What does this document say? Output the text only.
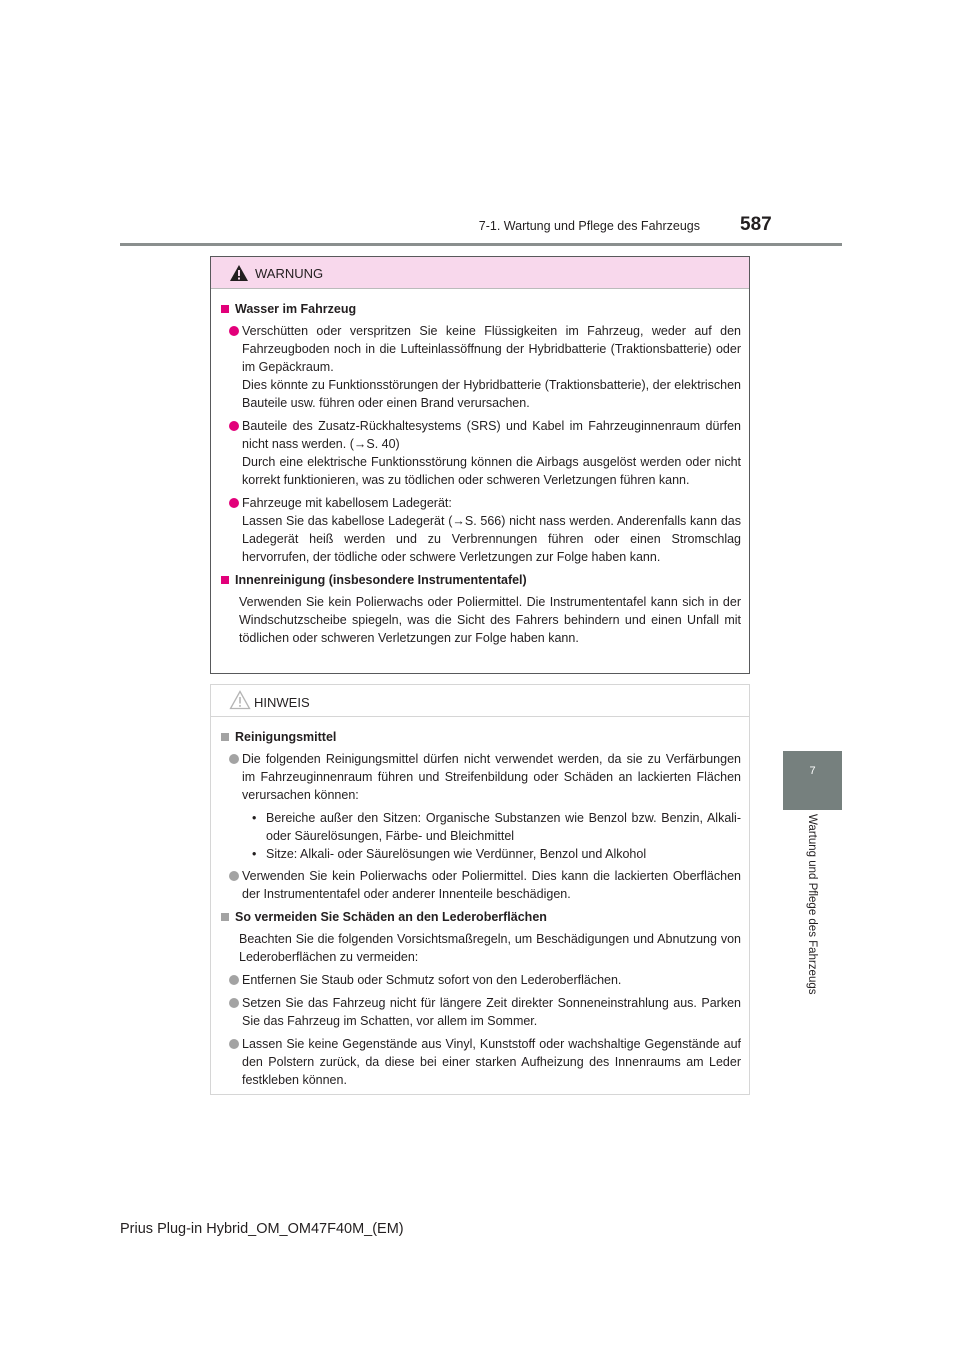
7-1. Wartung und Pflege des Fahrzeugs 587
7
Wartung und Pflege des Fahrzeugs
WARNUNG
Wasser im Fahrzeug

Verschütten oder verspritzen Sie keine Flüssigkeiten im Fahrzeug, weder auf den Fahrzeugboden noch in die Lufteinlassöffnung der Hybridbatterie (Traktionsbatterie) oder im Gepäckraum.

Dies könnte zu Funktionsstörungen der Hybridbatterie (Traktionsbatterie), der elektrischen Bauteile usw. führen oder einen Brand verursachen.

Bauteile des Zusatz-Rückhaltesystems (SRS) und Kabel im Fahrzeuginnenraum dürfen nicht nass werden. (→S. 40)

Durch eine elektrische Funktionsstörung können die Airbags ausgelöst werden oder nicht korrekt funktionieren, was zu tödlichen oder schweren Verletzungen führen kann.

Fahrzeuge mit kabellosem Ladegerät:

Lassen Sie das kabellose Ladegerät (→S. 566) nicht nass werden. Anderenfalls kann das Ladegerät heiß werden und zu Verbrennungen führen oder einen Stromschlag hervorrufen, der tödliche oder schwere Verletzungen zur Folge haben kann.

Innenreinigung (insbesondere Instrumententafel)

Verwenden Sie kein Polierwachs oder Poliermittel. Die Instrumententafel kann sich in der Windschutzscheibe spiegeln, was die Sicht des Fahrers behindern und einen Unfall mit tödlichen oder schweren Verletzungen zur Folge haben kann.

HINWEIS
Reinigungsmittel

Die folgenden Reinigungsmittel dürfen nicht verwendet werden, da sie zu Verfärbungen im Fahrzeuginnenraum führen und Streifenbildung oder Schäden an lackierten Flächen verursachen können:

• Bereiche außer den Sitzen: Organische Substanzen wie Benzol bzw. Benzin, Alkali- oder Säurelösungen, Färbe- und Bleichmittel
• Sitze: Alkali- oder Säurelösungen wie Verdünner, Benzol und Alkohol

Verwenden Sie kein Polierwachs oder Poliermittel. Dies kann die lackierten Oberflächen der Instrumententafel oder anderer Innenteile beschädigen.

So vermeiden Sie Schäden an den Lederoberflächen

Beachten Sie die folgenden Vorsichtsmaßregeln, um Beschädigungen und Abnutzung von Lederoberflächen zu vermeiden:

Entfernen Sie Staub oder Schmutz sofort von den Lederoberflächen.

Setzen Sie das Fahrzeug nicht für längere Zeit direkter Sonneneinstrahlung aus. Parken Sie das Fahrzeug im Schatten, vor allem im Sommer.

Lassen Sie keine Gegenstände aus Vinyl, Kunststoff oder wachshaltige Gegenstände auf den Polstern zurück, da diese bei einer starken Aufheizung des Innenraums am Leder festkleben können.

Prius Plug-in Hybrid_OM_OM47F40M_(EM)
